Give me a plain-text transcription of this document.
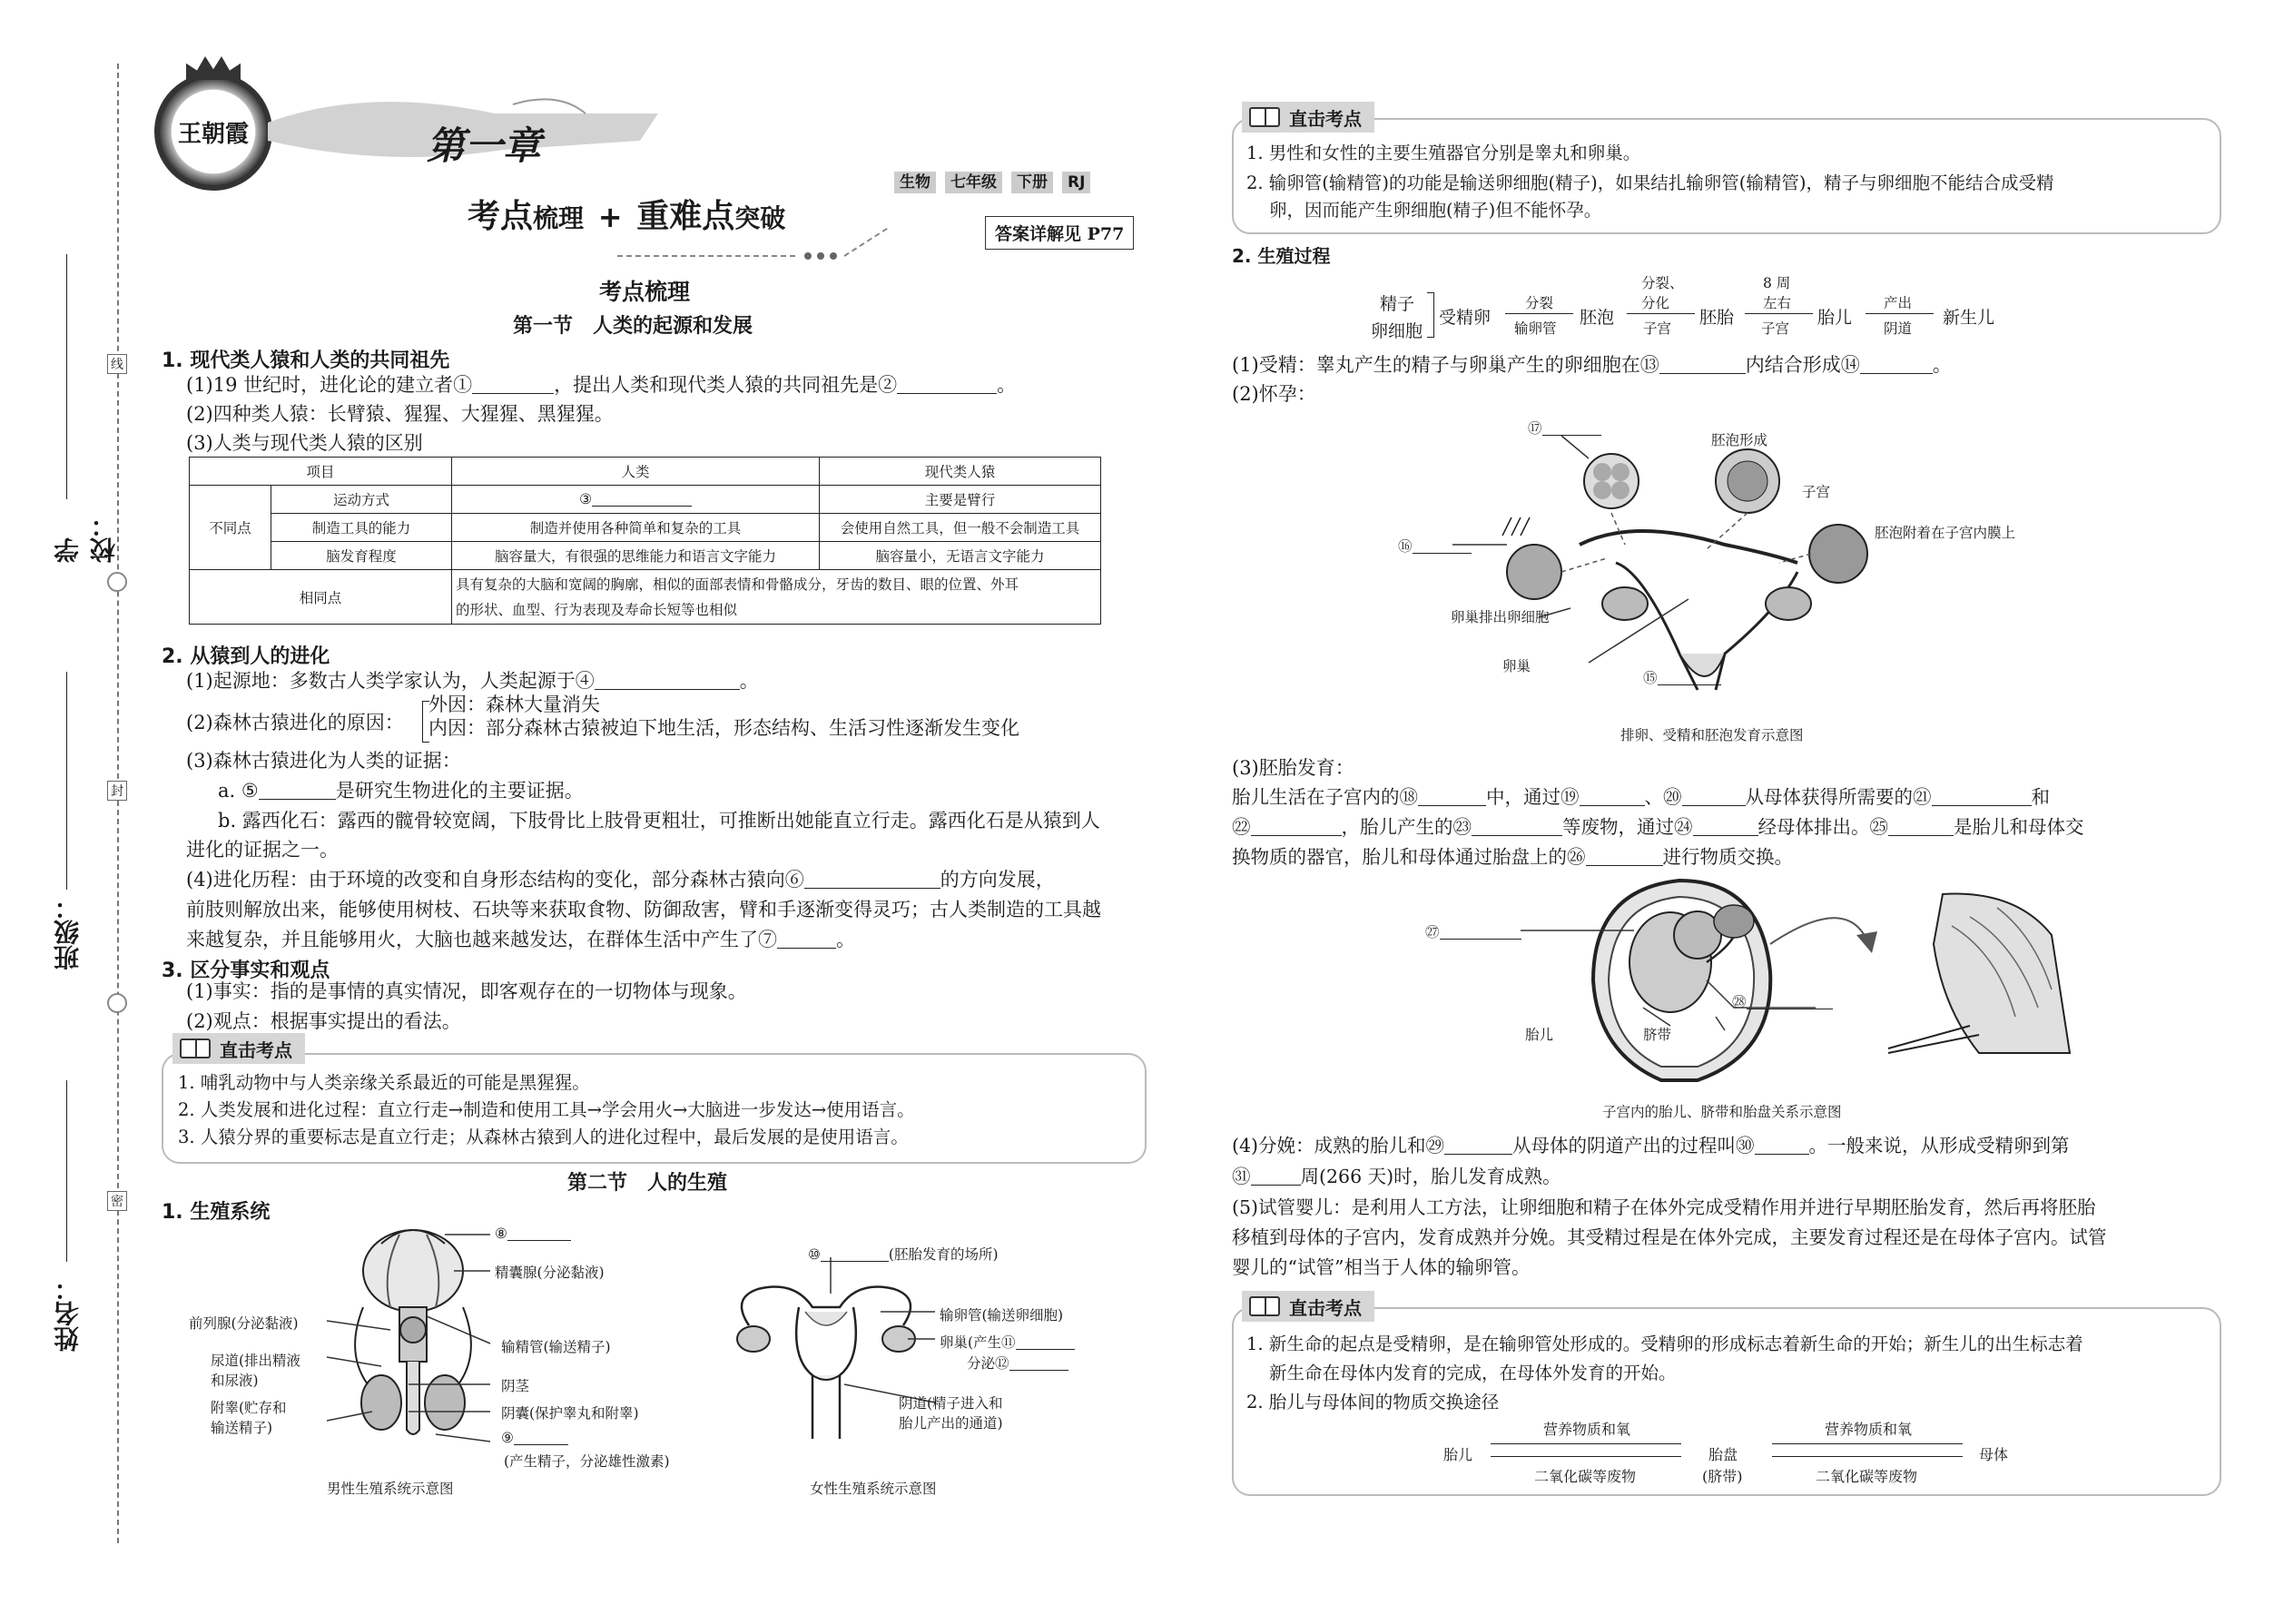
线
封
密
学校：
班级：
姓名：
王朝霞	第一章
考点梳理 + 重难点突破
生物 七年级 下册 RJ
答案详解见 P77
考点梳理
第一节　人类的起源和发展
1. 现代类人猿和人类的共同祖先
(1)19 世纪时，进化论的建立者①	，提出人类和现代类人猿的共同祖先是②	。
(2)四种类人猿：长臂猿、猩猩、大猩猩、黑猩猩。
(3)人类与现代类人猿的区别
项目		人类	现代类人猿
不同点	运动方式	③	主要是臂行
	制造工具的能力	制造并使用各种简单和复杂的工具	会使用自然工具，但一般不会制造工具
	脑发育程度	脑容量大，有很强的思维能力和语言文字能力	脑容量小，无语言文字能力
相同点		具有复杂的大脑和宽阔的胸廓，相似的面部表情和骨骼成分，牙齿的数目、眼的位置、外耳
的形状、血型、行为表现及寿命长短等也相似	
2. 从猿到人的进化
(1)起源地：多数古人类学家认为，人类起源于④	。
(2)森林古猿进化的原因：
外因：森林大量消失
内因：部分森林古猿被迫下地生活，形态结构、生活习性逐渐发生变化
(3)森林古猿进化为人类的证据：
a. ⑤	是研究生物进化的主要证据。
b. 露西化石：露西的髋骨较宽阔，下肢骨比上肢骨更粗壮，可推断出她能直立行走。露西化石是从猿到人
进化的证据之一。
(4)进化历程：由于环境的改变和自身形态结构的变化，部分森林古猿向⑥	的方向发展，
前肢则解放出来，能够使用树枝、石块等来获取食物、防御敌害，臂和手逐渐变得灵巧；古人类制造的工具越
来越复杂，并且能够用火，大脑也越来越发达，在群体生活中产生了⑦	。
3. 区分事实和观点
(1)事实：指的是事情的真实情况，即客观存在的一切物体与现象。
(2)观点：根据事实提出的看法。
直击考点
1. 哺乳动物中与人类亲缘关系最近的可能是黑猩猩。
2. 人类发展和进化过程：直立行走→制造和使用工具→学会用火→大脑进一步发达→使用语言。
3. 人猿分界的重要标志是直立行走；从森林古猿到人的进化过程中，最后发展的是使用语言。
第二节　人的生殖
1. 生殖系统
⑧
精囊腺(分泌黏液)
前列腺(分泌黏液)
输精管(输送精子)
尿道(排出精液
和尿液)	阴茎
附睾(贮存和
输送精子)
阴囊(保护睾丸和附睾)
⑨
(产生精子，分泌雄性激素)
男性生殖系统示意图
⑩	(胚胎发育的场所)
输卵管(输送卵细胞)
卵巢(产生⑪
分泌⑫
阴道(精子进入和
胎儿产出的通道)
女性生殖系统示意图
直击考点
1. 男性和女性的主要生殖器官分别是睾丸和卵巢。
2. 输卵管(输精管)的功能是输送卵细胞(精子)，如果结扎输卵管(输精管)，精子与卵细胞不能结合成受精
卵，因而能产生卵细胞(精子)但不能怀孕。
2. 生殖过程
精子
卵细胞
受精卵
分裂
输卵管
胚泡
分裂、
分化
子宫
胚胎
8 周
左右
子宫
胎儿
产出
阴道
新生儿
(1)受精：睾丸产生的精子与卵巢产生的卵细胞在⑬	内结合形成⑭	。
(2)怀孕：
⑰
胚泡形成
子宫
胚泡附着在子宫内膜上
⑯
卵巢排出卵细胞
卵巢
⑮
排卵、受精和胚泡发育示意图
(3)胚胎发育：
胎儿生活在子宫内的⑱	中，通过⑲	、⑳	从母体获得所需要的㉑	和
㉒	，胎儿产生的㉓	等废物，通过㉔	经母体排出。㉕	是胎儿和母体交
换物质的器官，胎儿和母体通过胎盘上的㉖	进行物质交换。
㉗
㉘
胎儿	脐带
子宫内的胎儿、脐带和胎盘关系示意图
(4)分娩：成熟的胎儿和㉙	从母体的阴道产出的过程叫㉚	。一般来说，从形成受精卵到第
㉛	周(266 天)时，胎儿发育成熟。
(5)试管婴儿：是利用人工方法，让卵细胞和精子在体外完成受精作用并进行早期胚胎发育，然后再将胚胎
移植到母体的子宫内，发育成熟并分娩。其受精过程是在体外完成，主要发育过程还是在母体子宫内。试管
婴儿的“试管”相当于人体的输卵管。
直击考点
1. 新生命的起点是受精卵，是在输卵管处形成的。受精卵的形成标志着新生命的开始；新生儿的出生标志着
新生命在母体内发育的完成，在母体外发育的开始。
2. 胎儿与母体间的物质交换途径
营养物质和氧	营养物质和氧
胎儿	胎盘
(脐带)
母体
二氧化碳等废物	二氧化碳等废物
